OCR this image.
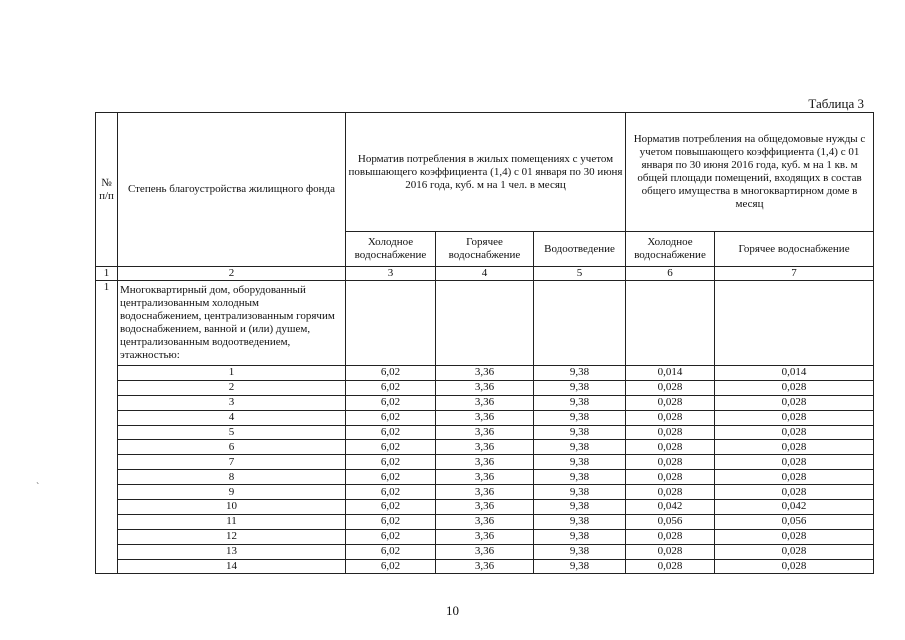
Таблица 3
№ п/п	Степень благоустройства жилищного фонда	Норматив потребления в жилых помещениях с учетом повышающего коэффициента (1,4) с 01 января по 30 июня 2016 года, куб. м на 1 чел. в месяц			Норматив потребления на общедомовые нужды с учетом повышающего коэффициента (1,4) с 01 января по 30 июня 2016 года, куб. м на 1 кв. м общей площади помещений, входящих в состав общего имущества в многоквартирном доме в месяц	
		Холодное водоснабжение	Горячее водоснабжение	Водоотведение	Холодное водоснабжение	Горячее водоснабжение
1	2	3	4	5	6	7
1	Многоквартирный дом, оборудованный централизованным холодным водоснабжением, централизованным горячим водоснабжением, ванной и (или) душем, централизованным водоотведением, этажностью:					
	1	6,02	3,36	9,38	0,014	0,014
	2	6,02	3,36	9,38	0,028	0,028
	3	6,02	3,36	9,38	0,028	0,028
	4	6,02	3,36	9,38	0,028	0,028
	5	6,02	3,36	9,38	0,028	0,028
	6	6,02	3,36	9,38	0,028	0,028
	7	6,02	3,36	9,38	0,028	0,028
	8	6,02	3,36	9,38	0,028	0,028
	9	6,02	3,36	9,38	0,028	0,028
	10	6,02	3,36	9,38	0,042	0,042
	11	6,02	3,36	9,38	0,056	0,056
	12	6,02	3,36	9,38	0,028	0,028
	13	6,02	3,36	9,38	0,028	0,028
	14	6,02	3,36	9,38	0,028	0,028
ˋ
10
